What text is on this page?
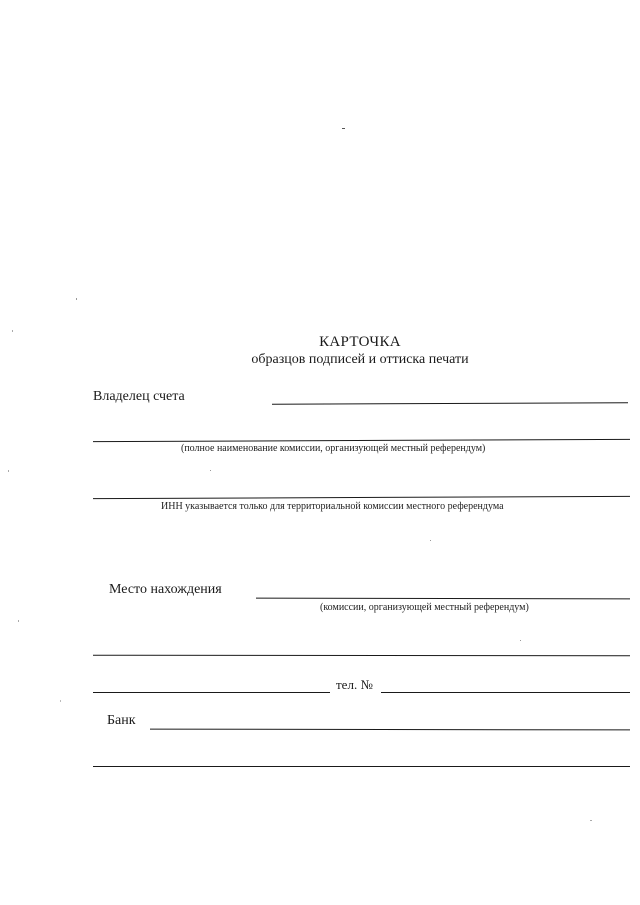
КАРТОЧКА
образцов подписей и оттиска печати
Владелец счета
(полное наименование комиссии, организующей местный референдум)
ИНН указывается только для территориальной комиссии местного референдума
Место нахождения
(комиссии, организующей местный референдум)
тел. №
Банк
